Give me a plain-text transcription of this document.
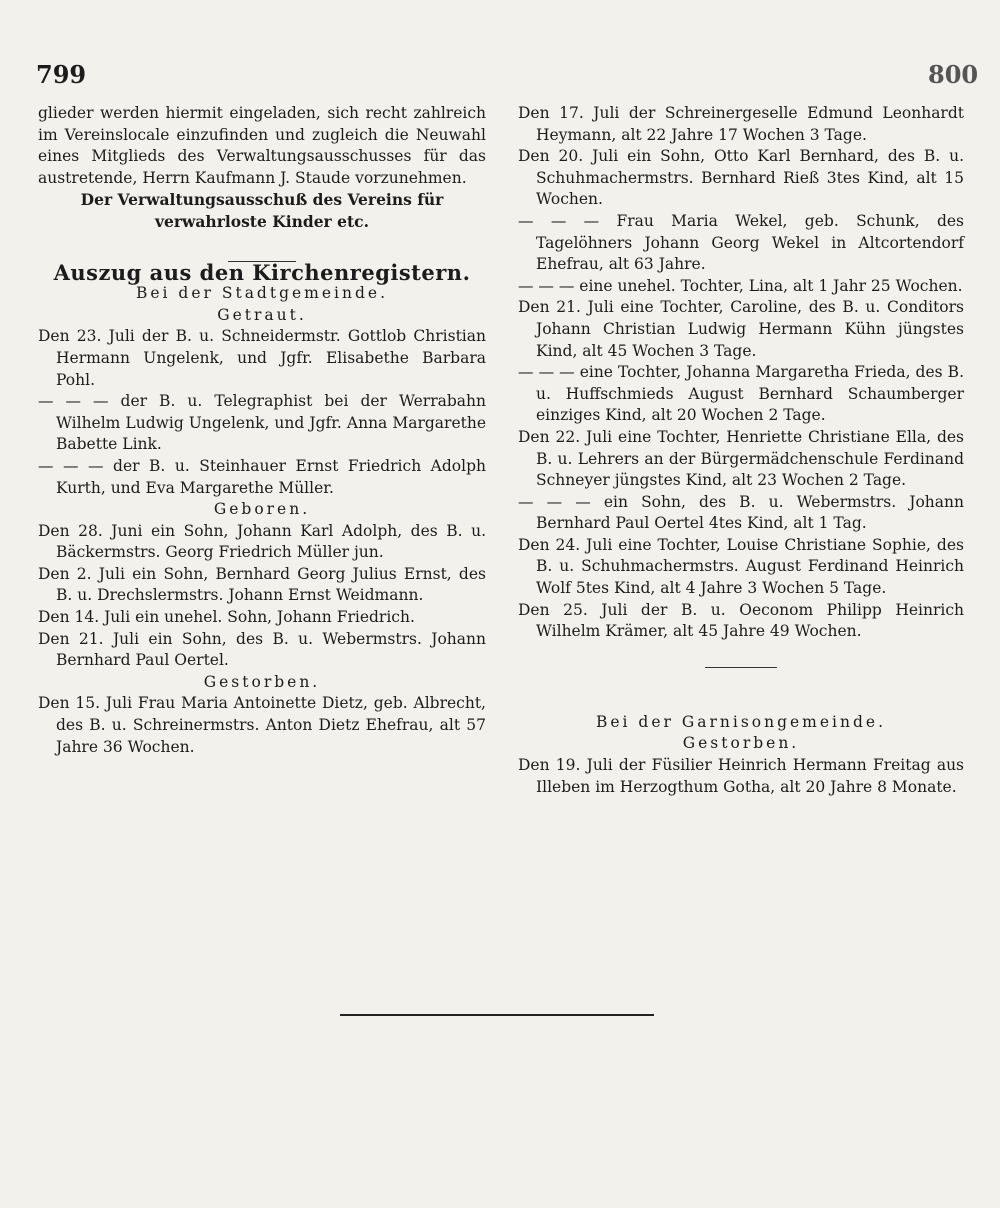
799	800

glieder werden hiermit eingeladen, sich recht zahlreich im Vereinslocale einzufinden und zugleich die Neuwahl eines Mitglieds des Verwaltungsausschusses für das austretende, Herrn Kaufmann J. Staude vorzunehmen.

Der Verwaltungsausschuß des Vereins für verwahrloste Kinder etc.

Auszug aus den Kirchenregistern.

Bei der Stadtgemeinde.

Getraut.

Den 23. Juli der B. u. Schneidermstr. Gottlob Christian Hermann Ungelenk, und Jgfr. Elisabethe Barbara Pohl.

— — — der B. u. Telegraphist bei der Werrabahn Wilhelm Ludwig Ungelenk, und Jgfr. Anna Margarethe Babette Link.

— — — der B. u. Steinhauer Ernst Friedrich Adolph Kurth, und Eva Margarethe Müller.

Geboren.

Den 28. Juni ein Sohn, Johann Karl Adolph, des B. u. Bäckermstrs. Georg Friedrich Müller jun.

Den 2. Juli ein Sohn, Bernhard Georg Julius Ernst, des B. u. Drechslermstrs. Johann Ernst Weidmann.

Den 14. Juli ein unehel. Sohn, Johann Friedrich.

Den 21. Juli ein Sohn, des B. u. Webermstrs. Johann Bernhard Paul Oertel.

Gestorben.

Den 15. Juli Frau Maria Antoinette Dietz, geb. Albrecht, des B. u. Schreinermstrs. Anton Dietz Ehefrau, alt 57 Jahre 36 Wochen.

Den 17. Juli der Schreinergeselle Edmund Leonhardt Heymann, alt 22 Jahre 17 Wochen 3 Tage.

Den 20. Juli ein Sohn, Otto Karl Bernhard, des B. u. Schuhmachermstrs. Bernhard Rieß 3tes Kind, alt 15 Wochen.

— — — Frau Maria Wekel, geb. Schunk, des Tagelöhners Johann Georg Wekel in Altcortendorf Ehefrau, alt 63 Jahre.

— — — eine unehel. Tochter, Lina, alt 1 Jahr 25 Wochen.

Den 21. Juli eine Tochter, Caroline, des B. u. Conditors Johann Christian Ludwig Hermann Kühn jüngstes Kind, alt 45 Wochen 3 Tage.

— — — eine Tochter, Johanna Margaretha Frieda, des B. u. Huffschmieds August Bernhard Schaumberger einziges Kind, alt 20 Wochen 2 Tage.

Den 22. Juli eine Tochter, Henriette Christiane Ella, des B. u. Lehrers an der Bürgermädchenschule Ferdinand Schneyer jüngstes Kind, alt 23 Wochen 2 Tage.

— — — ein Sohn, des B. u. Webermstrs. Johann Bernhard Paul Oertel 4tes Kind, alt 1 Tag.

Den 24. Juli eine Tochter, Louise Christiane Sophie, des B. u. Schuhmachermstrs. August Ferdinand Heinrich Wolf 5tes Kind, alt 4 Jahre 3 Wochen 5 Tage.

Den 25. Juli der B. u. Oeconom Philipp Heinrich Wilhelm Krämer, alt 45 Jahre 49 Wochen.

Bei der Garnisongemeinde.

Gestorben.

Den 19. Juli der Füsilier Heinrich Hermann Freitag aus Illeben im Herzogthum Gotha, alt 20 Jahre 8 Monate.
